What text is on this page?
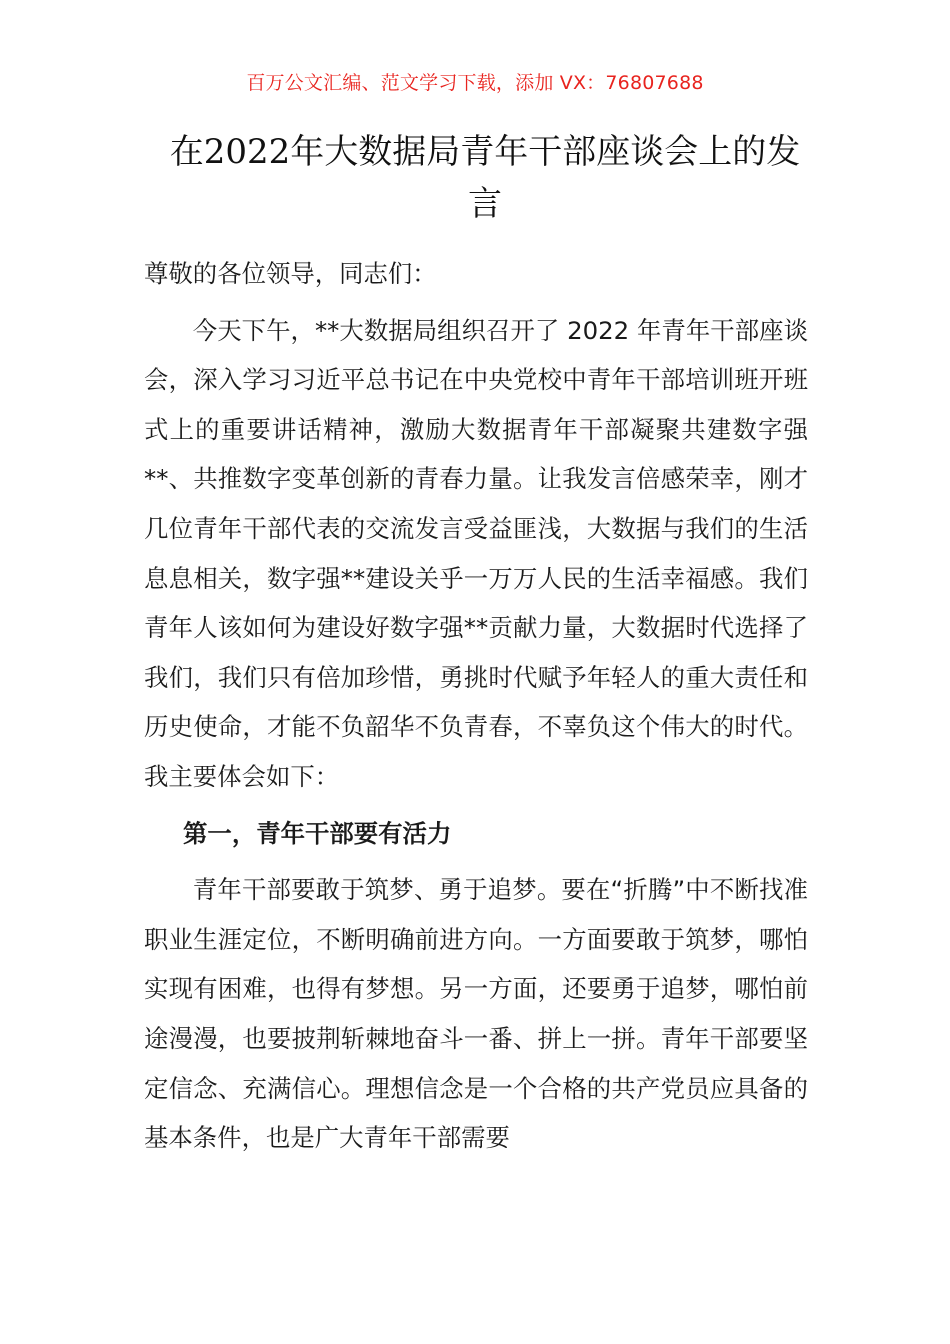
百万公文汇编、范文学习下载，添加 VX：76807688
在2022年大数据局青年干部座谈会上的发言

尊敬的各位领导，同志们：

今天下午，**大数据局组织召开了 2022 年青年干部座谈会，深入学习习近平总书记在中央党校中青年干部培训班开班式上的重要讲话精神，激励大数据青年干部凝聚共建数字强**、共推数字变革创新的青春力量。让我发言倍感荣幸，刚才几位青年干部代表的交流发言受益匪浅，大数据与我们的生活息息相关，数字强**建设关乎一万万人民的生活幸福感。我们青年人该如何为建设好数字强**贡献力量，大数据时代选择了我们，我们只有倍加珍惜，勇挑时代赋予年轻人的重大责任和历史使命，才能不负韶华不负青春，不辜负这个伟大的时代。我主要体会如下：

第一，青年干部要有活力

青年干部要敢于筑梦、勇于追梦。要在“折腾”中不断找准职业生涯定位，不断明确前进方向。一方面要敢于筑梦，哪怕实现有困难，也得有梦想。另一方面，还要勇于追梦，哪怕前途漫漫，也要披荆斩棘地奋斗一番、拼上一拼。青年干部要坚定信念、充满信心。理想信念是一个合格的共产党员应具备的基本条件，也是广大青年干部需要
